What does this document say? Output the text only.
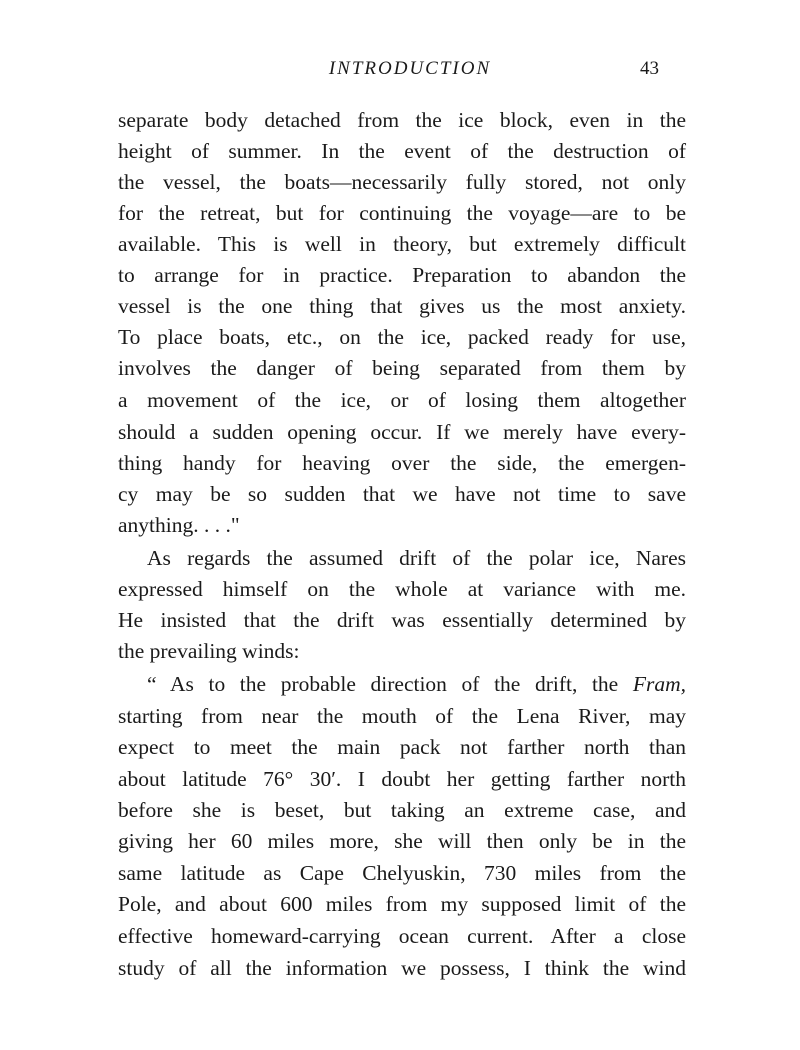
INTRODUCTION	43
separate body detached from the ice block, even in the
height of summer. In the event of the destruction of
the vessel, the boats—necessarily fully stored, not only
for the retreat, but for continuing the voyage—are to be
available. This is well in theory, but extremely difficult
to arrange for in practice. Preparation to abandon the
vessel is the one thing that gives us the most anxiety.
To place boats, etc., on the ice, packed ready for use,
involves the danger of being separated from them by
a movement of the ice, or of losing them altogether
should a sudden opening occur. If we merely have every-
thing handy for heaving over the side, the emergen-
cy may be so sudden that we have not time to save
anything. . . ."
As regards the assumed drift of the polar ice, Nares
expressed himself on the whole at variance with me.
He insisted that the drift was essentially determined by
the prevailing winds:
“ As to the probable direction of the drift, the Fram,
starting from near the mouth of the Lena River, may
expect to meet the main pack not farther north than
about latitude 76° 30′. I doubt her getting farther north
before she is beset, but taking an extreme case, and
giving her 60 miles more, she will then only be in the
same latitude as Cape Chelyuskin, 730 miles from the
Pole, and about 600 miles from my supposed limit of the
effective homeward-carrying ocean current. After a close
study of all the information we possess, I think the wind
